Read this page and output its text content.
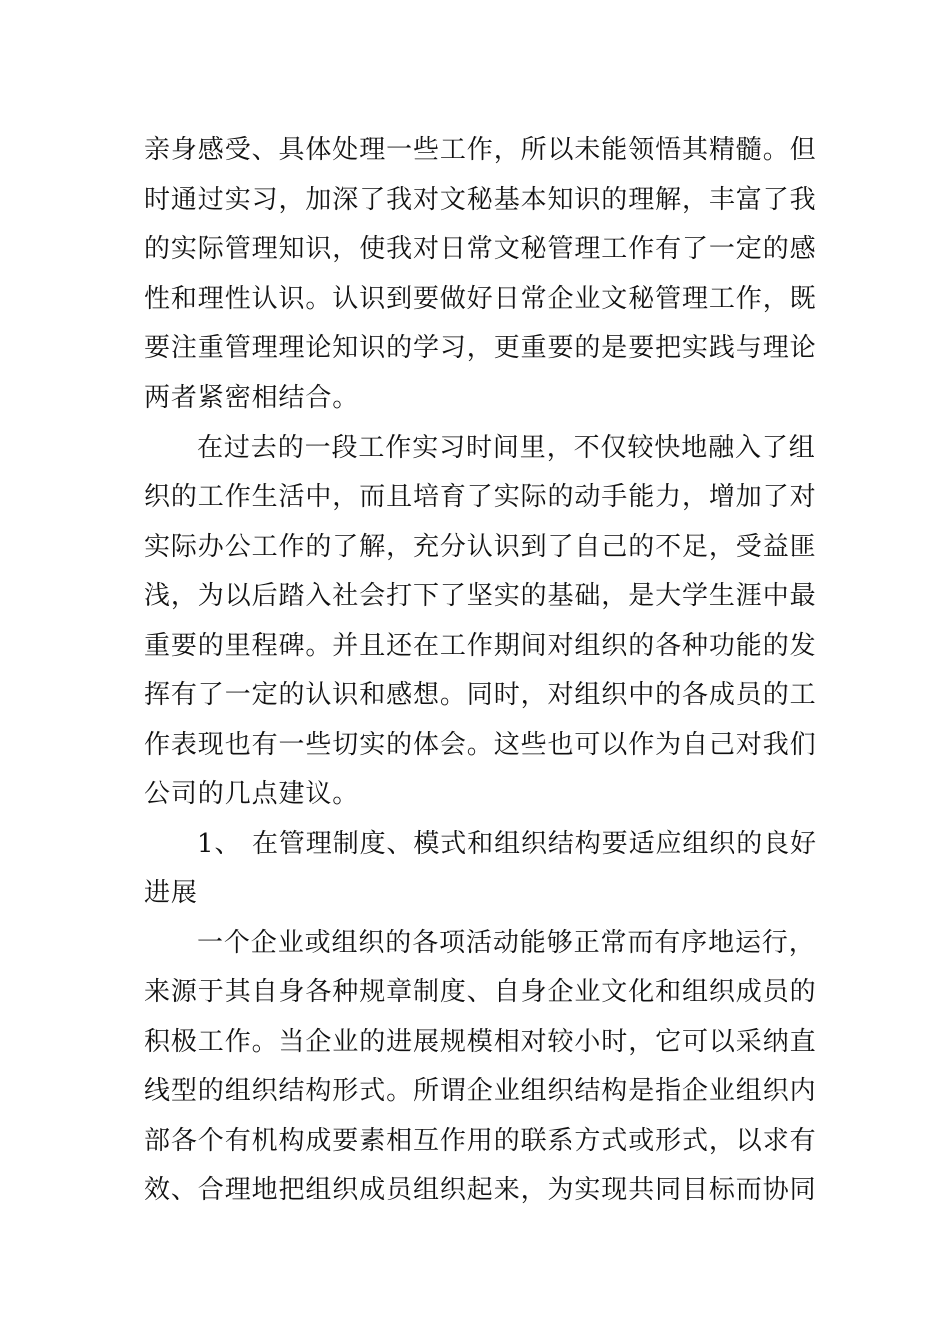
亲身感受、具体处理一些工作，所以未能领悟其精髓。但
时通过实习，加深了我对文秘基本知识的理解，丰富了我
的实际管理知识，使我对日常文秘管理工作有了一定的感
性和理性认识。认识到要做好日常企业文秘管理工作，既
要注重管理理论知识的学习，更重要的是要把实践与理论
两者紧密相结合。
在过去的一段工作实习时间里，不仅较快地融入了组
织的工作生活中，而且培育了实际的动手能力，增加了对
实际办公工作的了解，充分认识到了自己的不足，受益匪
浅，为以后踏入社会打下了坚实的基础，是大学生涯中最
重要的里程碑。并且还在工作期间对组织的各种功能的发
挥有了一定的认识和感想。同时，对组织中的各成员的工
作表现也有一些切实的体会。这些也可以作为自己对我们
公司的几点建议。
1、 在管理制度、模式和组织结构要适应组织的良好
进展
一个企业或组织的各项活动能够正常而有序地运行，
来源于其自身各种规章制度、自身企业文化和组织成员的
积极工作。当企业的进展规模相对较小时，它可以采纳直
线型的组织结构形式。所谓企业组织结构是指企业组织内
部各个有机构成要素相互作用的联系方式或形式，以求有
效、合理地把组织成员组织起来，为实现共同目标而协同
